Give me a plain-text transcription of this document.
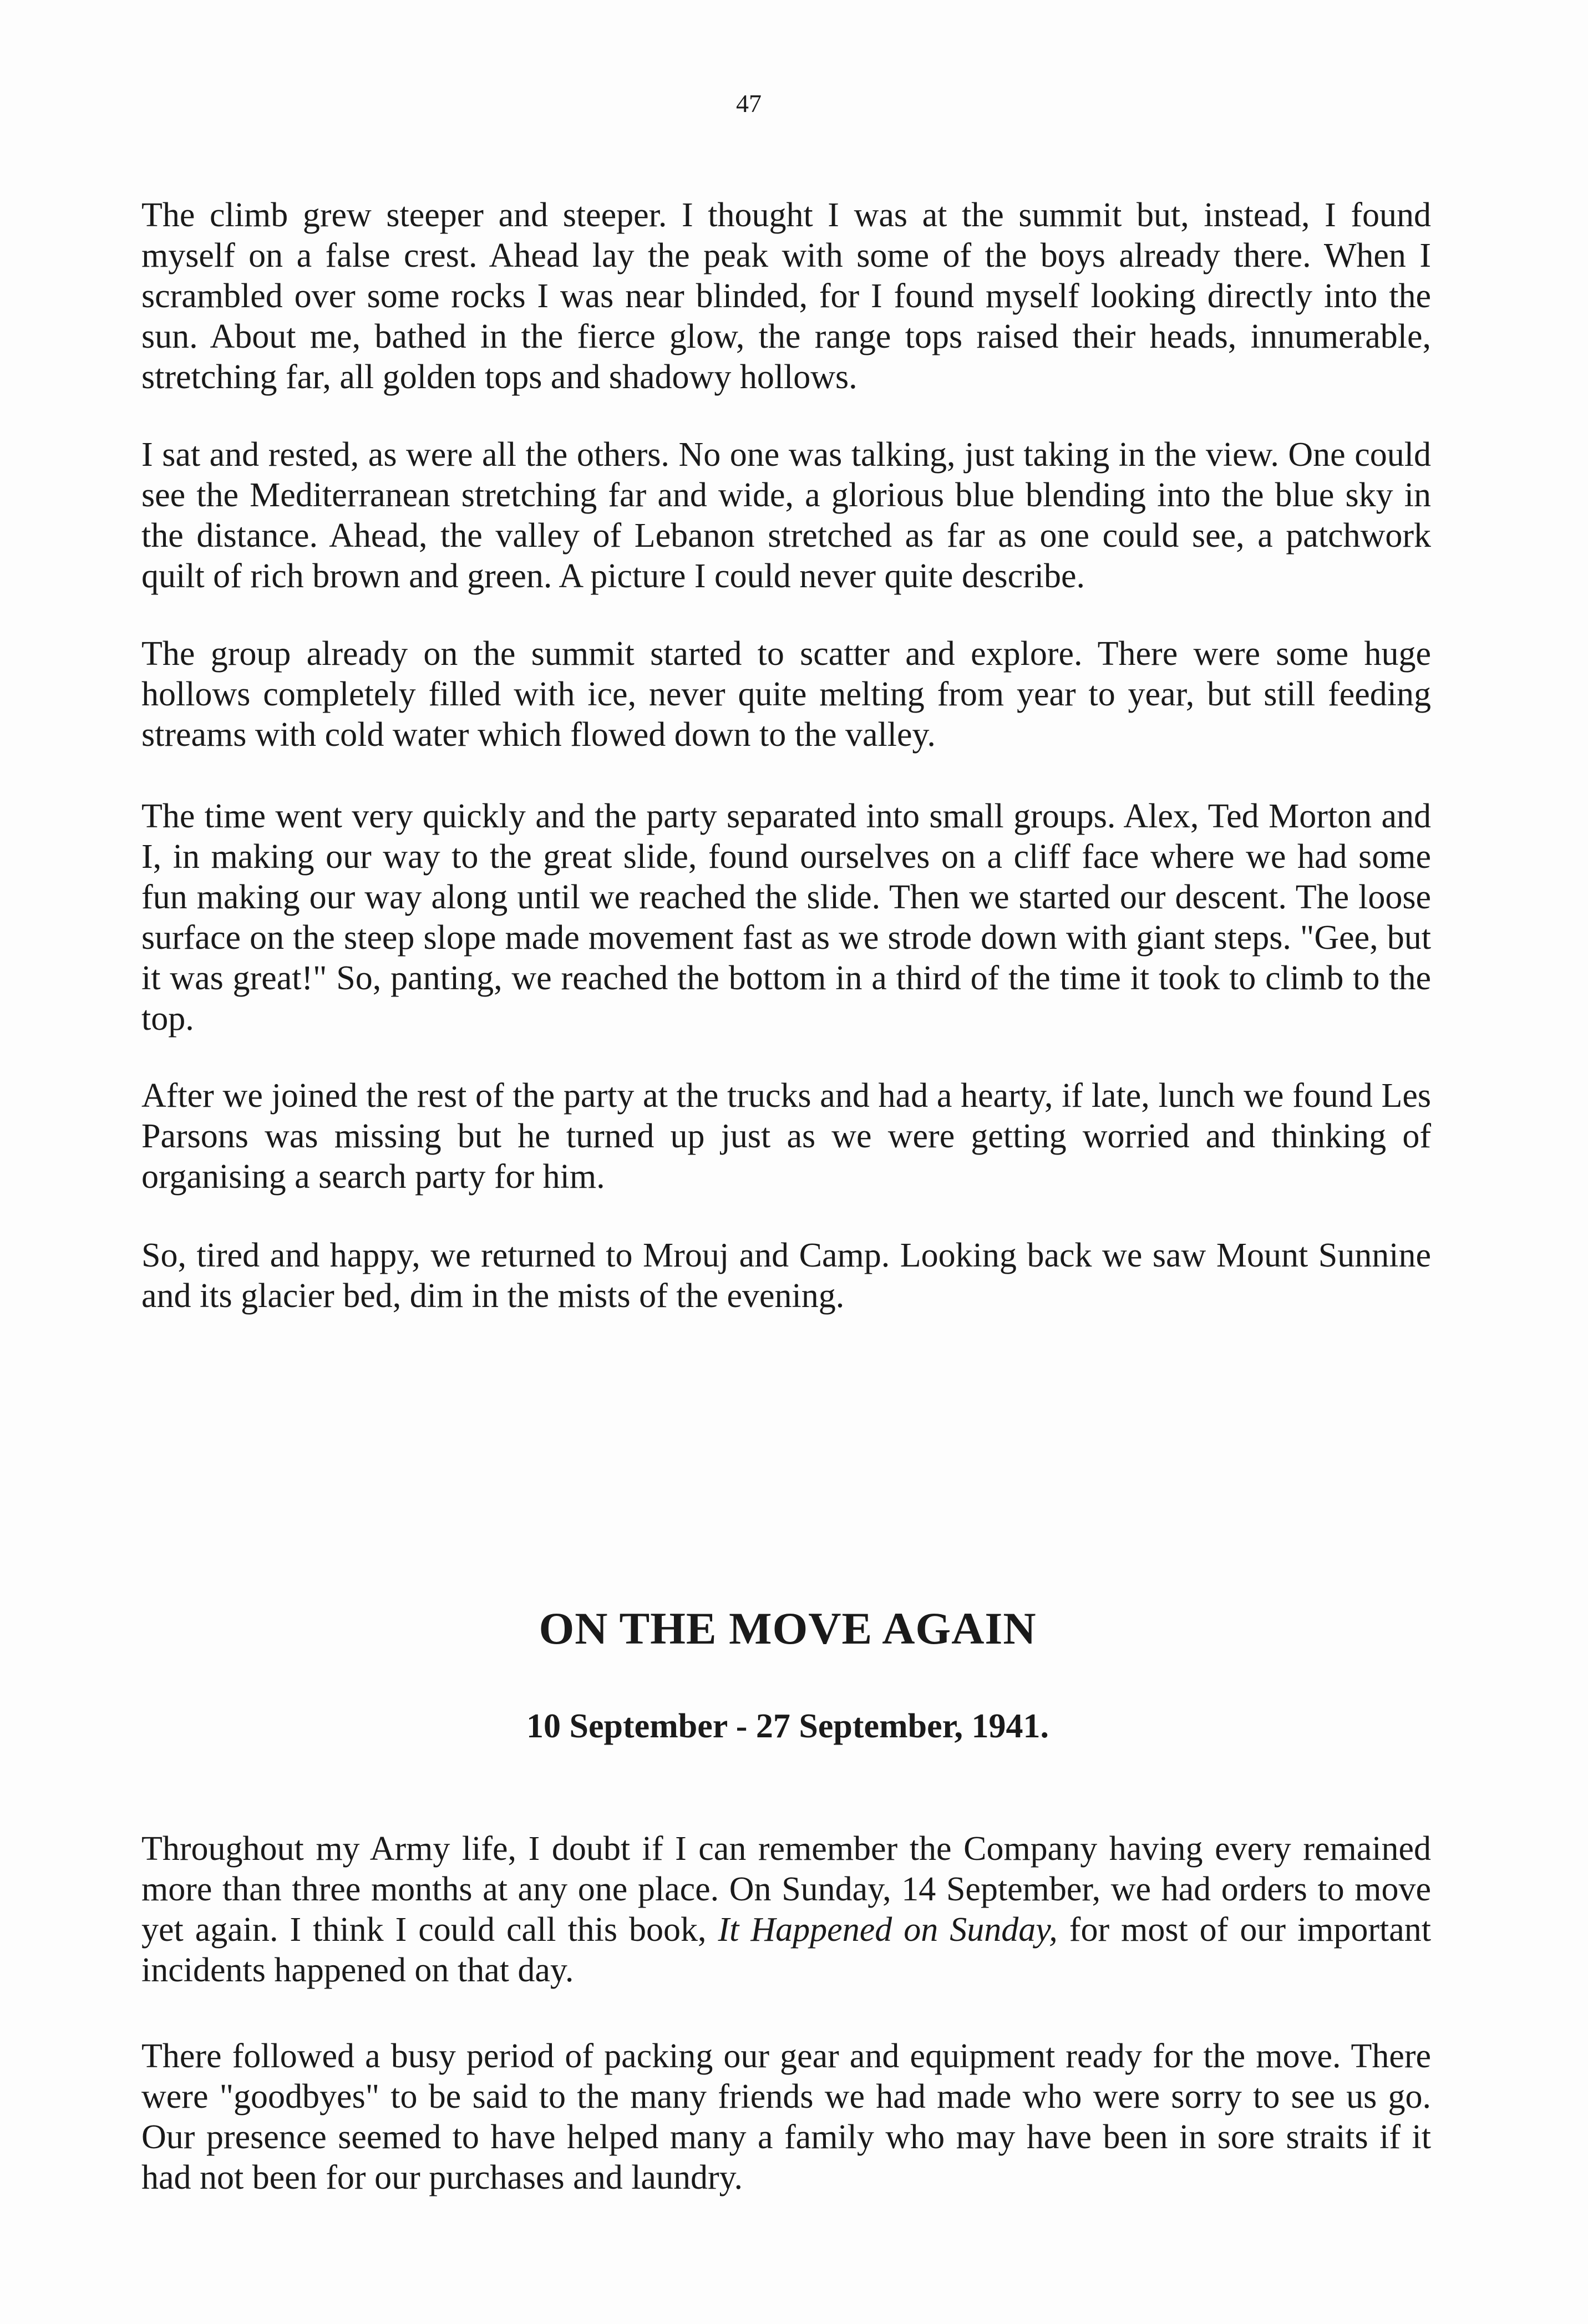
47

The climb grew steeper and steeper. I thought I was at the summit but, instead, I found myself on a false crest. Ahead lay the peak with some of the boys already there. When I scrambled over some rocks I was near blinded, for I found myself looking directly into the sun. About me, bathed in the fierce glow, the range tops raised their heads, innumerable, stretching far, all golden tops and shadowy hollows.

I sat and rested, as were all the others. No one was talking, just taking in the view. One could see the Mediterranean stretching far and wide, a glorious blue blending into the blue sky in the distance. Ahead, the valley of Lebanon stretched as far as one could see, a patchwork quilt of rich brown and green. A picture I could never quite describe.

The group already on the summit started to scatter and explore. There were some huge hollows completely filled with ice, never quite melting from year to year, but still feeding streams with cold water which flowed down to the valley.

The time went very quickly and the party separated into small groups. Alex, Ted Morton and I, in making our way to the great slide, found ourselves on a cliff face where we had some fun making our way along until we reached the slide. Then we started our descent. The loose surface on the steep slope made movement fast as we strode down with giant steps. "Gee, but it was great!" So, panting, we reached the bottom in a third of the time it took to climb to the top.

After we joined the rest of the party at the trucks and had a hearty, if late, lunch we found Les Parsons was missing but he turned up just as we were getting worried and thinking of organising a search party for him.

So, tired and happy, we returned to Mrouj and Camp. Looking back we saw Mount Sunnine and its glacier bed, dim in the mists of the evening.

ON THE MOVE AGAIN
10 September - 27 September, 1941.

Throughout my Army life, I doubt if I can remember the Company having every remained more than three months at any one place. On Sunday, 14 September, we had orders to move yet again. I think I could call this book, It Happened on Sunday, for most of our important incidents happened on that day.

There followed a busy period of packing our gear and equipment ready for the move. There were "goodbyes" to be said to the many friends we had made who were sorry to see us go. Our presence seemed to have helped many a family who may have been in sore straits if it had not been for our purchases and laundry.
